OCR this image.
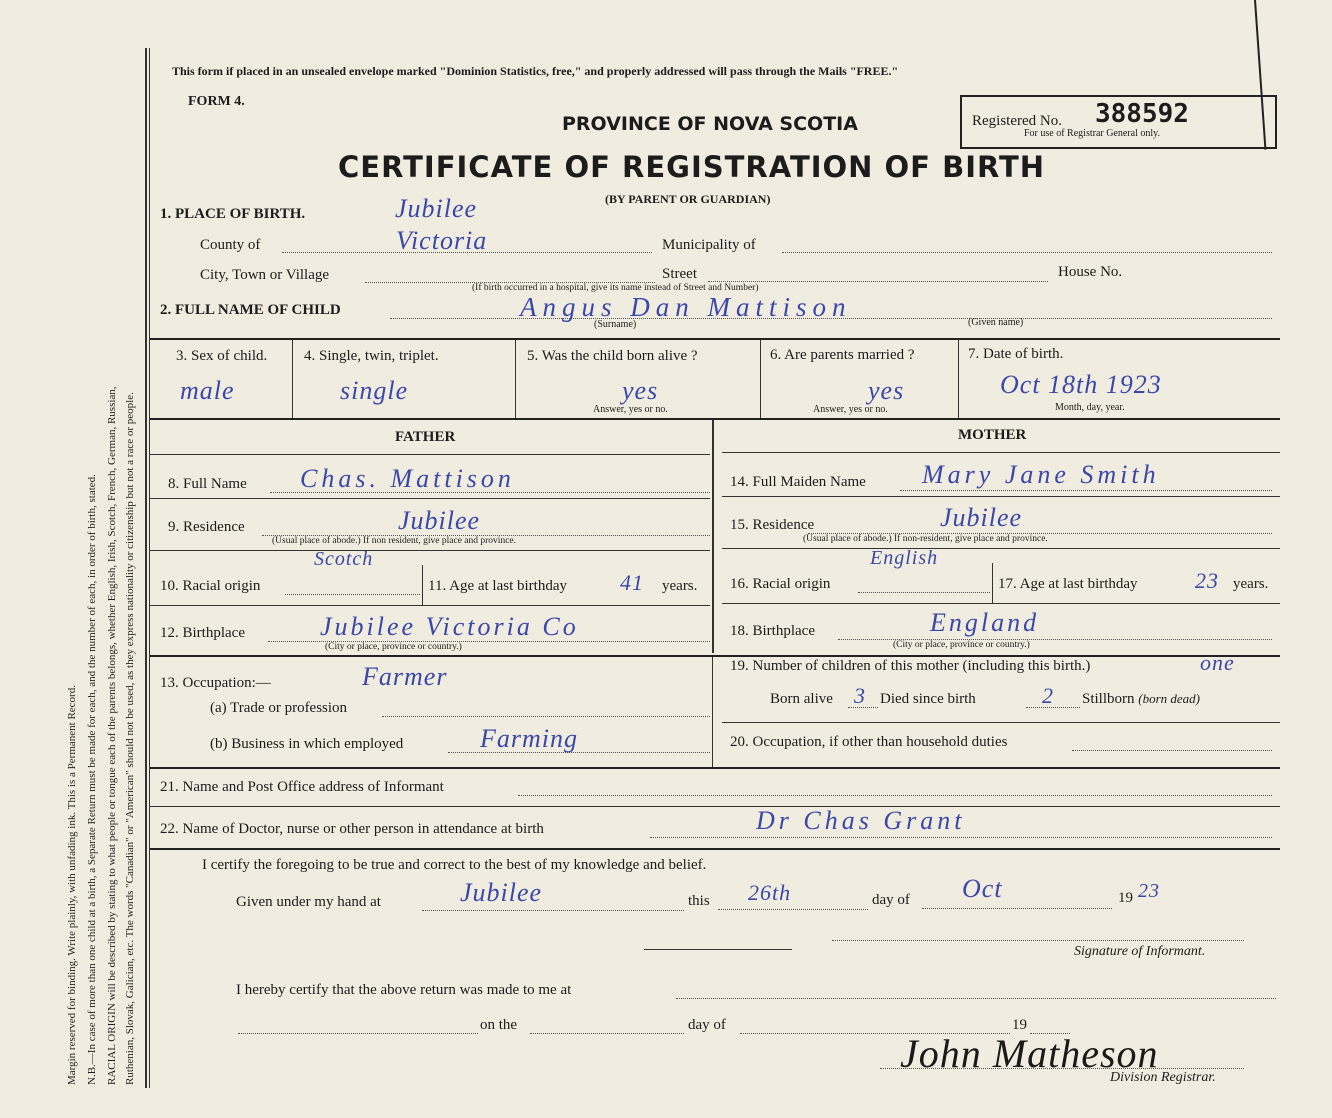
Margin reserved for binding. Write plainly, with unfading ink. This is a Permanent Record. N.B.—In case of more than one child at a birth, a Separate Return must be made for each, and the number of each, in order of birth, stated. RACIAL ORIGIN will be described by stating to what people or tongue each of the parents belongs, whether English, Irish, Scotch, French, German, Russian, Ruthenian, Slovak, Galician, etc. The words "Canadian" or "American" should not be used, as they express nationality or citizenship but not a race or people.
This form if placed in an unsealed envelope marked "Dominion Statistics, free," and properly addressed will pass through the Mails "FREE."
FORM 4.
PROVINCE OF NOVA SCOTIA
CERTIFICATE OF REGISTRATION OF BIRTH
(BY PARENT OR GUARDIAN)
Registered No. 388592
For use of Registrar General only.
1. PLACE OF BIRTH.	Jubilee
County of	Victoria	Municipality of
City, Town or Village	Street	House No.
(If birth occurred in a hospital, give its name instead of Street and Number)
2. FULL NAME OF CHILD	Angus Dan Mattison
(Surname)	(Given name)
3. Sex of child.
male
4. Single, twin, triplet.
single
5. Was the child born alive ?
yes
Answer, yes or no.
6. Are parents married ?
yes
Answer, yes or no.
7. Date of birth.
Oct 18th 1923
Month, day, year.
FATHER	MOTHER
8. Full Name Chas. Mattison
9. Residence	Jubilee
(Usual place of abode.) If non resident, give place and province.
10. Racial origin
Scotch
11. Age at last birthday 41 years.
12. Birthplace	Jubilee Victoria Co
(City or place, province or country.)
14. Full Maiden Name Mary Jane Smith
15. Residence	Jubilee
(Usual place of abode.) If non-resident, give place and province.
16. Racial origin
English
17. Age at last birthday	23 years.
18. Birthplace	England
(City or place, province or country.)
13. Occupation:—	Farmer
(a) Trade or profession
(b) Business in which employed	Farming
19. Number of children of this mother (including this birth.)	one
Born alive 3 Died since birth	2 Stillborn (born dead)
20. Occupation, if other than household duties
21. Name and Post Office address of Informant
22. Name of Doctor, nurse or other person in attendance at birth	Dr Chas Grant
I certify the foregoing to be true and correct to the best of my knowledge and belief.
Given under my hand at	Jubilee	this 26th	day of Oct	19 23
Signature of Informant.
I hereby certify that the above return was made to me at
on the	day of	19
John Matheson
Division Registrar.
